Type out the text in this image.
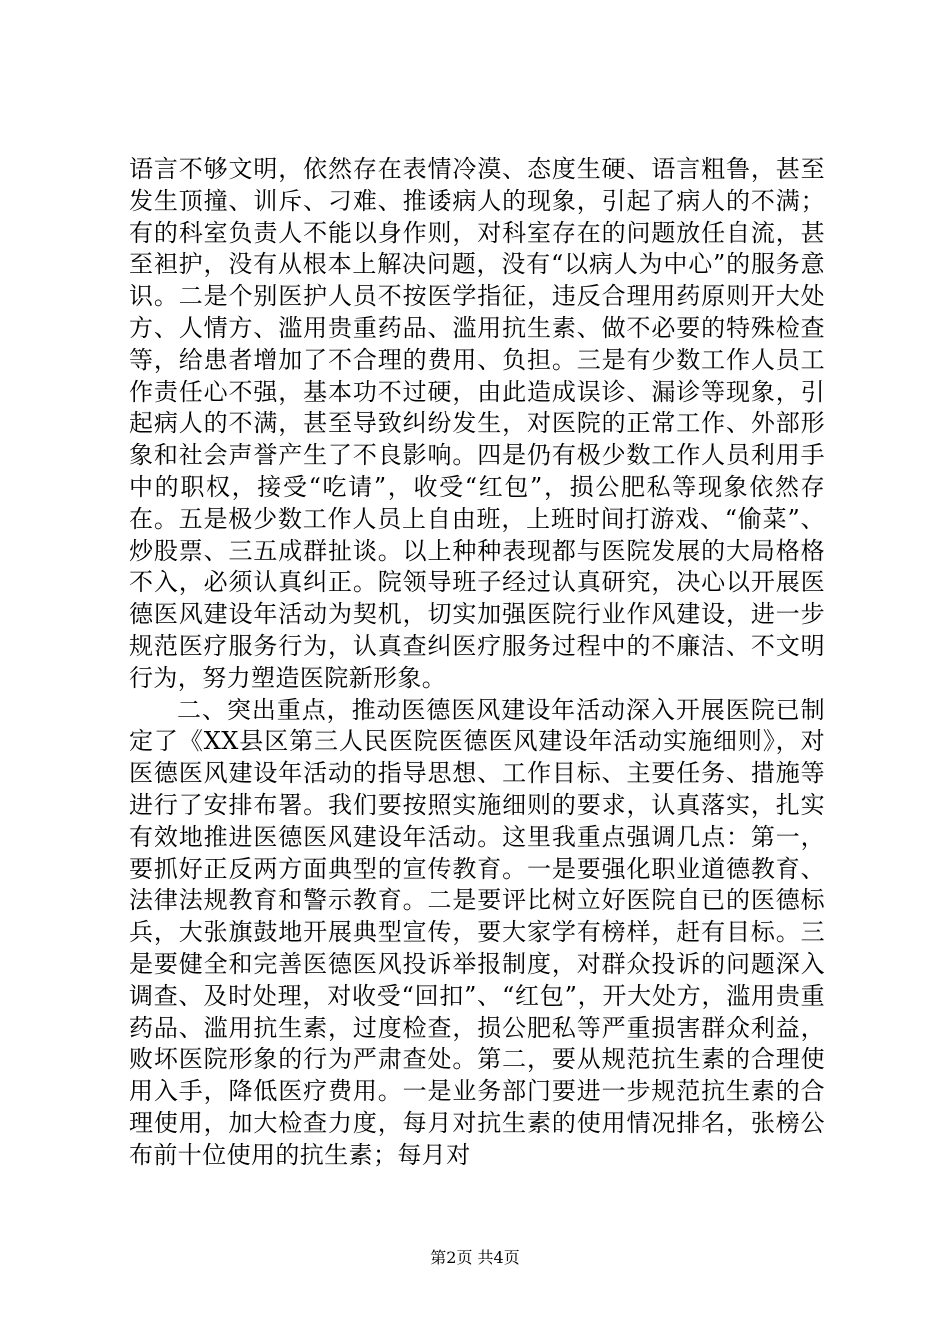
语言不够文明，依然存在表情冷漠、态度生硬、语言粗鲁，甚至发生顶撞、训斥、刁难、推诿病人的现象，引起了病人的不满；有的科室负责人不能以身作则，对科室存在的问题放任自流，甚至袒护，没有从根本上解决问题，没有“以病人为中心”的服务意识。二是个别医护人员不按医学指征，违反合理用药原则开大处方、人情方、滥用贵重药品、滥用抗生素、做不必要的特殊检查等，给患者增加了不合理的费用、负担。三是有少数工作人员工作责任心不强，基本功不过硬，由此造成误诊、漏诊等现象，引起病人的不满，甚至导致纠纷发生，对医院的正常工作、外部形象和社会声誉产生了不良影响。四是仍有极少数工作人员利用手中的职权，接受“吃请”，收受“红包”，损公肥私等现象依然存在。五是极少数工作人员上自由班，上班时间打游戏、“偷菜”、炒股票、三五成群扯谈。以上种种表现都与医院发展的大局格格不入，必须认真纠正。院领导班子经过认真研究，决心以开展医德医风建设年活动为契机，切实加强医院行业作风建设，进一步规范医疗服务行为，认真查纠医疗服务过程中的不廉洁、不文明行为，努力塑造医院新形象。

二、突出重点，推动医德医风建设年活动深入开展医院已制定了《XX县区第三人民医院医德医风建设年活动实施细则》，对医德医风建设年活动的指导思想、工作目标、主要任务、措施等进行了安排布署。我们要按照实施细则的要求，认真落实，扎实有效地推进医德医风建设年活动。这里我重点强调几点：第一，要抓好正反两方面典型的宣传教育。一是要强化职业道德教育、法律法规教育和警示教育。二是要评比树立好医院自已的医德标兵，大张旗鼓地开展典型宣传，要大家学有榜样，赶有目标。三是要健全和完善医德医风投诉举报制度，对群众投诉的问题深入调查、及时处理，对收受“回扣”、“红包”，开大处方，滥用贵重药品、滥用抗生素，过度检查，损公肥私等严重损害群众利益，败坏医院形象的行为严肃查处。第二，要从规范抗生素的合理使用入手，降低医疗费用。一是业务部门要进一步规范抗生素的合理使用，加大检查力度，每月对抗生素的使用情况排名，张榜公布前十位使用的抗生素；每月对

第2页 共4页
